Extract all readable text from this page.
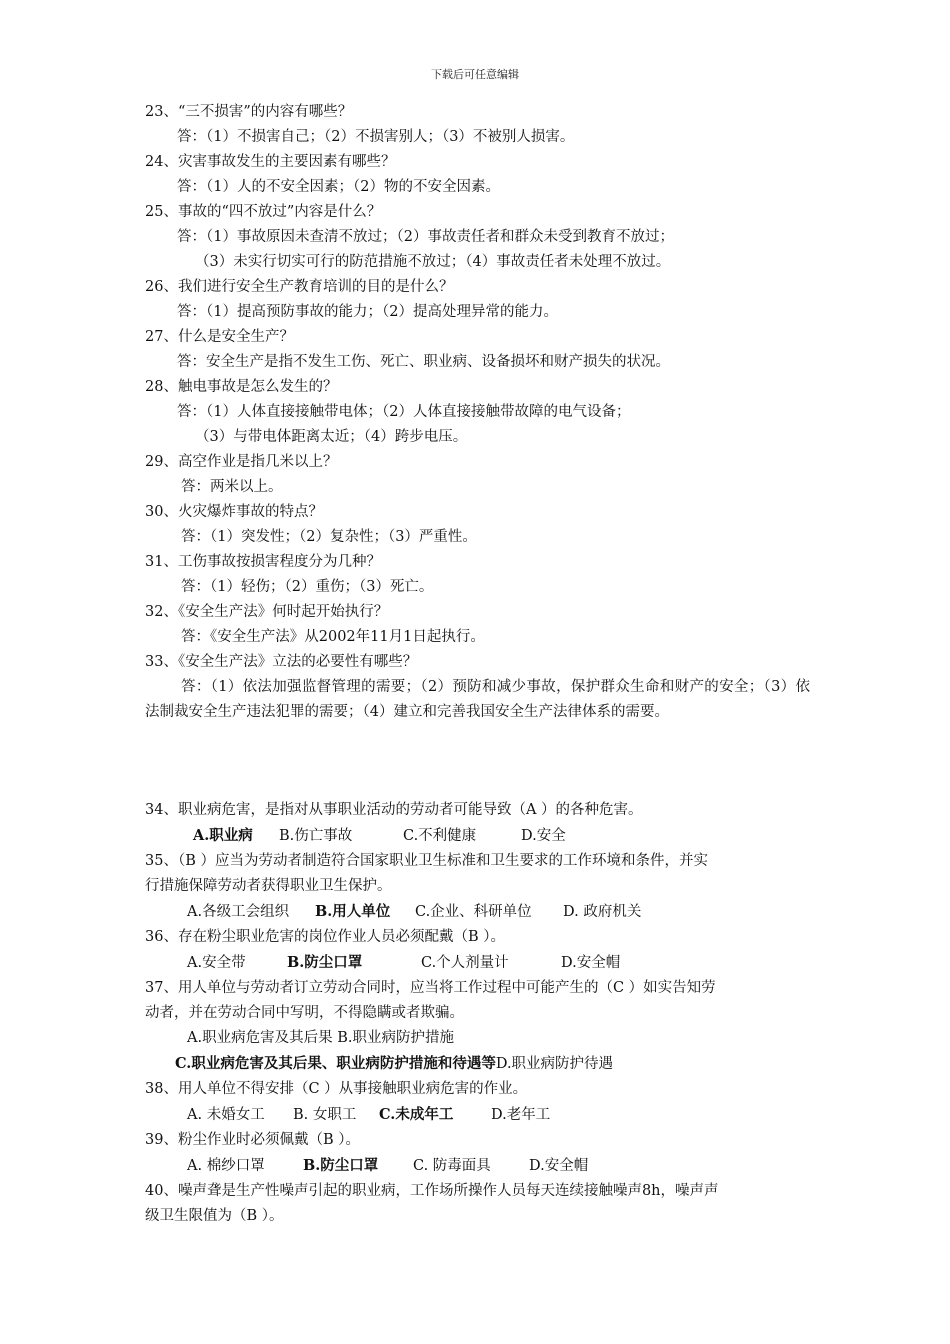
下载后可任意编辑
23、“三不损害”的内容有哪些？
答：（1）不损害自己；（2）不损害别人；（3）不被别人损害。
24、灾害事故发生的主要因素有哪些？
答：（1）人的不安全因素；（2）物的不安全因素。
25、事故的“四不放过”内容是什么？
答：（1）事故原因未查清不放过；（2）事故责任者和群众未受到教育不放过；
（3）未实行切实可行的防范措施不放过；（4）事故责任者未处理不放过。
26、我们进行安全生产教育培训的目的是什么？
答：（1）提高预防事故的能力；（2）提高处理异常的能力。
27、什么是安全生产？
答：安全生产是指不发生工伤、死亡、职业病、设备损坏和财产损失的状况。
28、触电事故是怎么发生的？
答：（1）人体直接接触带电体；（2）人体直接接触带故障的电气设备；
（3）与带电体距离太近；（4）跨步电压。
29、高空作业是指几米以上？
答：两米以上。
30、火灾爆炸事故的特点？
答：（1）突发性；（2）复杂性；（3）严重性。
31、工伤事故按损害程度分为几种？
答：（1）轻伤；（2）重伤；（3）死亡。
32、《安全生产法》何时起开始执行？
答：《安全生产法》从2002年11月1日起执行。
33、《安全生产法》立法的必要性有哪些？
答：（1）依法加强监督管理的需要；（2）预防和减少事故，保护群众生命和财产的安全；（3）依法制裁安全生产违法犯罪的需要；（4）建立和完善我国安全生产法律体系的需要。
34、职业病危害，是指对从事职业活动的劳动者可能导致（A ）的各种危害。
A.职业病 B.伤亡事故	C.不利健康	D.安全
35、（B ）应当为劳动者制造符合国家职业卫生标准和卫生要求的工作环境和条件，并实
行措施保障劳动者获得职业卫生保护。
A.各级工会组织 B.用人单位 C.企业、科研单位 D. 政府机关
36、存在粉尘职业危害的岗位作业人员必须配戴（B ）。
A.安全带	B.防尘口罩	C.个人剂量计	D.安全帽
37、用人单位与劳动者订立劳动合同时，应当将工作过程中可能产生的（C ）如实告知劳
动者，并在劳动合同中写明，不得隐瞒或者欺骗。
A.职业病危害及其后果 B.职业病防护措施
C.职业病危害及其后果、职业病防护措施和待遇等D.职业病防护待遇
38、用人单位不得安排（C ）从事接触职业病危害的作业。
A. 未婚女工 B. 女职工 C.未成年工	D.老年工
39、粉尘作业时必须佩戴（B ）。
A. 棉纱口罩	B.防尘口罩 C. 防毒面具	D.安全帽
40、噪声聋是生产性噪声引起的职业病，工作场所操作人员每天连续接触噪声8h，噪声声
级卫生限值为（B ）。
